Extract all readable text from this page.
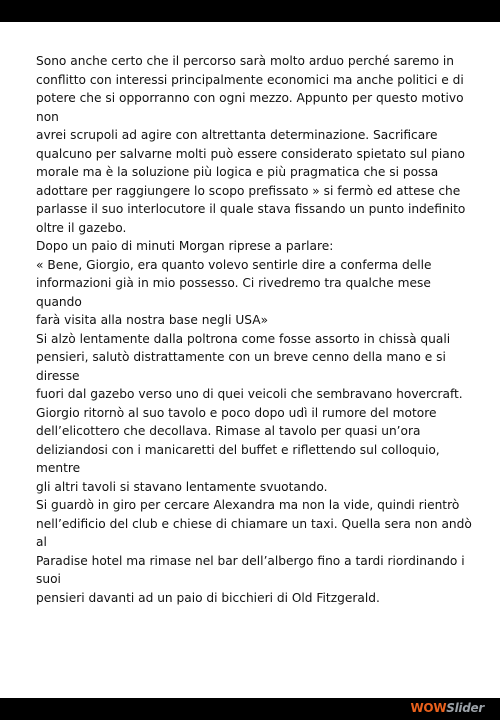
Sono anche certo che il percorso sarà molto arduo perché saremo in
conflitto con interessi principalmente economici ma anche politici e di
potere che si opporranno con ogni mezzo. Appunto per questo motivo non
avrei scrupoli ad agire con altrettanta determinazione. Sacrificare
qualcuno per salvarne molti può essere considerato spietato sul piano
morale ma è la soluzione più logica e più pragmatica che si possa
adottare per raggiungere lo scopo prefissato » si fermò ed attese che
parlasse il suo interlocutore il quale stava fissando un punto indefinito
oltre il gazebo.

Dopo un paio di minuti Morgan riprese a parlare:

« Bene, Giorgio, era quanto volevo sentirle dire a conferma delle
informazioni già in mio possesso. Ci rivedremo tra qualche mese quando
farà visita alla nostra base negli USA»

Si alzò lentamente dalla poltrona come fosse assorto in chissà quali
pensieri, salutò distrattamente con un breve cenno della mano e si diresse
fuori dal gazebo verso uno di quei veicoli che sembravano hovercraft.

Giorgio ritornò al suo tavolo e poco dopo udì il rumore del motore
dell’elicottero che decollava. Rimase al tavolo per quasi un’ora
deliziandosi con i manicaretti del buffet e riflettendo sul colloquio, mentre
gli altri tavoli si stavano lentamente svuotando.

Si guardò in giro per cercare Alexandra ma non la vide, quindi rientrò
nell’edificio del club e chiese di chiamare un taxi. Quella sera non andò al
Paradise hotel ma rimase nel bar dell’albergo fino a tardi riordinando i suoi
pensieri davanti ad un paio di bicchieri di Old Fitzgerald.

WOWSlider
